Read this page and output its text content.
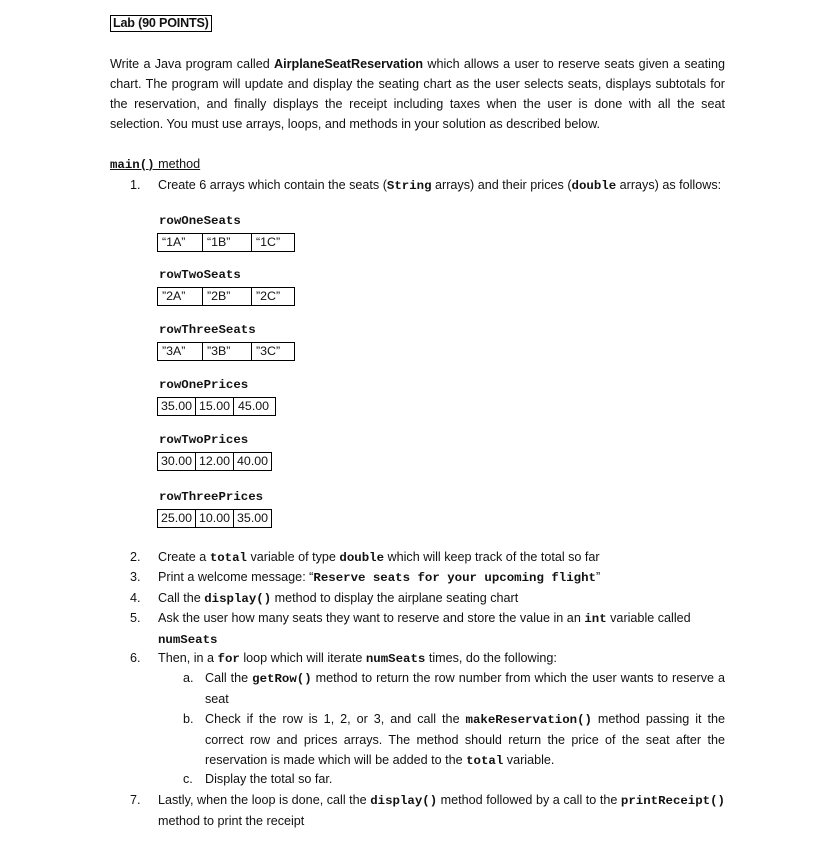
Lab (90 POINTS)
Write a Java program called AirplaneSeatReservation which allows a user to reserve seats given a seating chart. The program will update and display the seating chart as the user selects seats, displays subtotals for the reservation, and finally displays the receipt including taxes when the user is done with all the seat selection. You must use arrays, loops, and methods in your solution as described below.
main() method
1. Create 6 arrays which contain the seats (String arrays) and their prices (double arrays) as follows:
rowOneSeats
“1A”	“1B”	“1C”
rowTwoSeats
”2A”	”2B”	”2C”
rowThreeSeats
”3A”	”3B”	”3C”
rowOnePrices
35.00	15.00	45.00
rowTwoPrices
30.00	12.00	40.00
rowThreePrices
25.00	10.00	35.00
2. Create a total variable of type double which will keep track of the total so far
3. Print a welcome message: “Reserve seats for your upcoming flight”
4. Call the display() method to display the airplane seating chart
5. Ask the user how many seats they want to reserve and store the value in an int variable called
numSeats
6. Then, in a for loop which will iterate numSeats times, do the following:
a. Call the getRow() method to return the row number from which the user wants to reserve a seat
b. Check if the row is 1, 2, or 3, and call the makeReservation() method passing it the correct row and prices arrays. The method should return the price of the seat after the reservation is made which will be added to the total variable.
c. Display the total so far.
7. Lastly, when the loop is done, call the display() method followed by a call to the printReceipt() method to print the receipt
